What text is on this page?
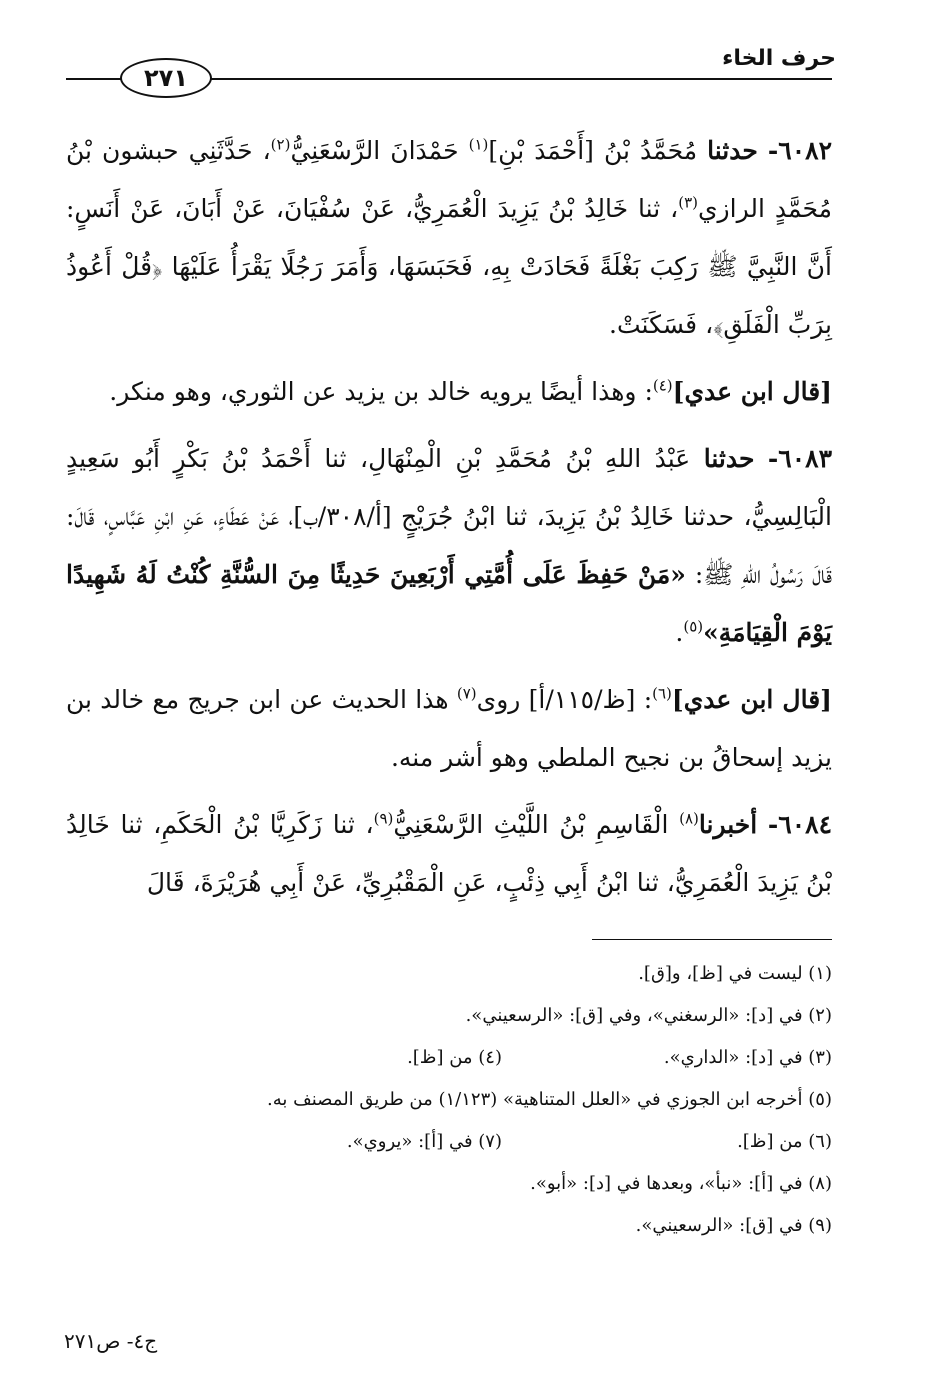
حرف الخاء
٢٧١

٦٠٨٢- حدثنا مُحَمَّدُ بْنُ [أَحْمَدَ بْنِ]$^{(١)}$ حَمْدَانَ الرَّسْعَنِيُّ$^{(٢)}$، حَدَّثَنِي حبشون بْنُ مُحَمَّدٍ الرازي$^{(٣)}$، ثنا خَالِدُ بْنُ يَزِيدَ الْعُمَرِيُّ، عَنْ سُفْيَانَ، عَنْ أَبَانَ، عَنْ أَنَسٍ: أَنَّ النَّبِيَّ ﷺ رَكِبَ بَغْلَةً فَحَادَتْ بِهِ، فَحَبَسَهَا، وَأَمَرَ رَجُلًا يَقْرَأُ عَلَيْهَا ﴿قُلْ أَعُوذُ بِرَبِّ الْفَلَقِ﴾، فَسَكَنَتْ.

[قال ابن عدي]$^{(٤)}$: وهذا أيضًا يرويه خالد بن يزيد عن الثوري، وهو منكر.

٦٠٨٣- حدثنا عَبْدُ اللهِ بْنُ مُحَمَّدِ بْنِ الْمِنْهَالِ، ثنا أَحْمَدُ بْنُ بَكْرٍ أَبُو سَعِيدٍ الْبَالِسِيُّ، حدثنا خَالِدُ بْنُ يَزِيدَ، ثنا ابْنُ جُرَيْجٍ [أ/٣٠٨/ب]، عَنْ عَطَاءٍ، عَنِ ابْنِ عَبَّاسٍ، قَالَ: قَالَ رَسُولُ اللهِ ﷺ: «مَنْ حَفِظَ عَلَى أُمَّتِي أَرْبَعِينَ حَدِيثًا مِنَ السُّنَّةِ كُنْتُ لَهُ شَهِيدًا يَوْمَ الْقِيَامَةِ»$^{(٥)}$.

[قال ابن عدي]$^{(٦)}$: [ظ/١١٥/أ] روى$^{(٧)}$ هذا الحديث عن ابن جريج مع خالد بن يزيد إسحاقُ بن نجيح الملطي وهو أشر منه.

٦٠٨٤- أخبرنا$^{(٨)}$ الْقَاسِمِ بْنُ اللَّيْثِ الرَّسْعَنِيُّ$^{(٩)}$، ثنا زَكَرِيَّا بْنُ الْحَكَمِ، ثنا خَالِدُ بْنُ يَزِيدَ الْعُمَرِيُّ، ثنا ابْنُ أَبِي ذِئْبٍ، عَنِ الْمَقْبُرِيِّ، عَنْ أَبِي هُرَيْرَةَ، قَالَ

(١) ليست في [ظ]، و[ق].
(٢) في [د]: «الرسغني»، وفي [ق]: «الرسعيني».
(٣) في [د]: «الداري».
(٤) من [ظ].
(٥) أخرجه ابن الجوزي في «العلل المتناهية» (١/١٢٣) من طريق المصنف به.
(٦) من [ظ].
(٧) في [أ]: «يروي».
(٨) في [أ]: «نبأ»، وبعدها في [د]: «أبو».
(٩) في [ق]: «الرسعيني».
ج٤- ص٢٧١
